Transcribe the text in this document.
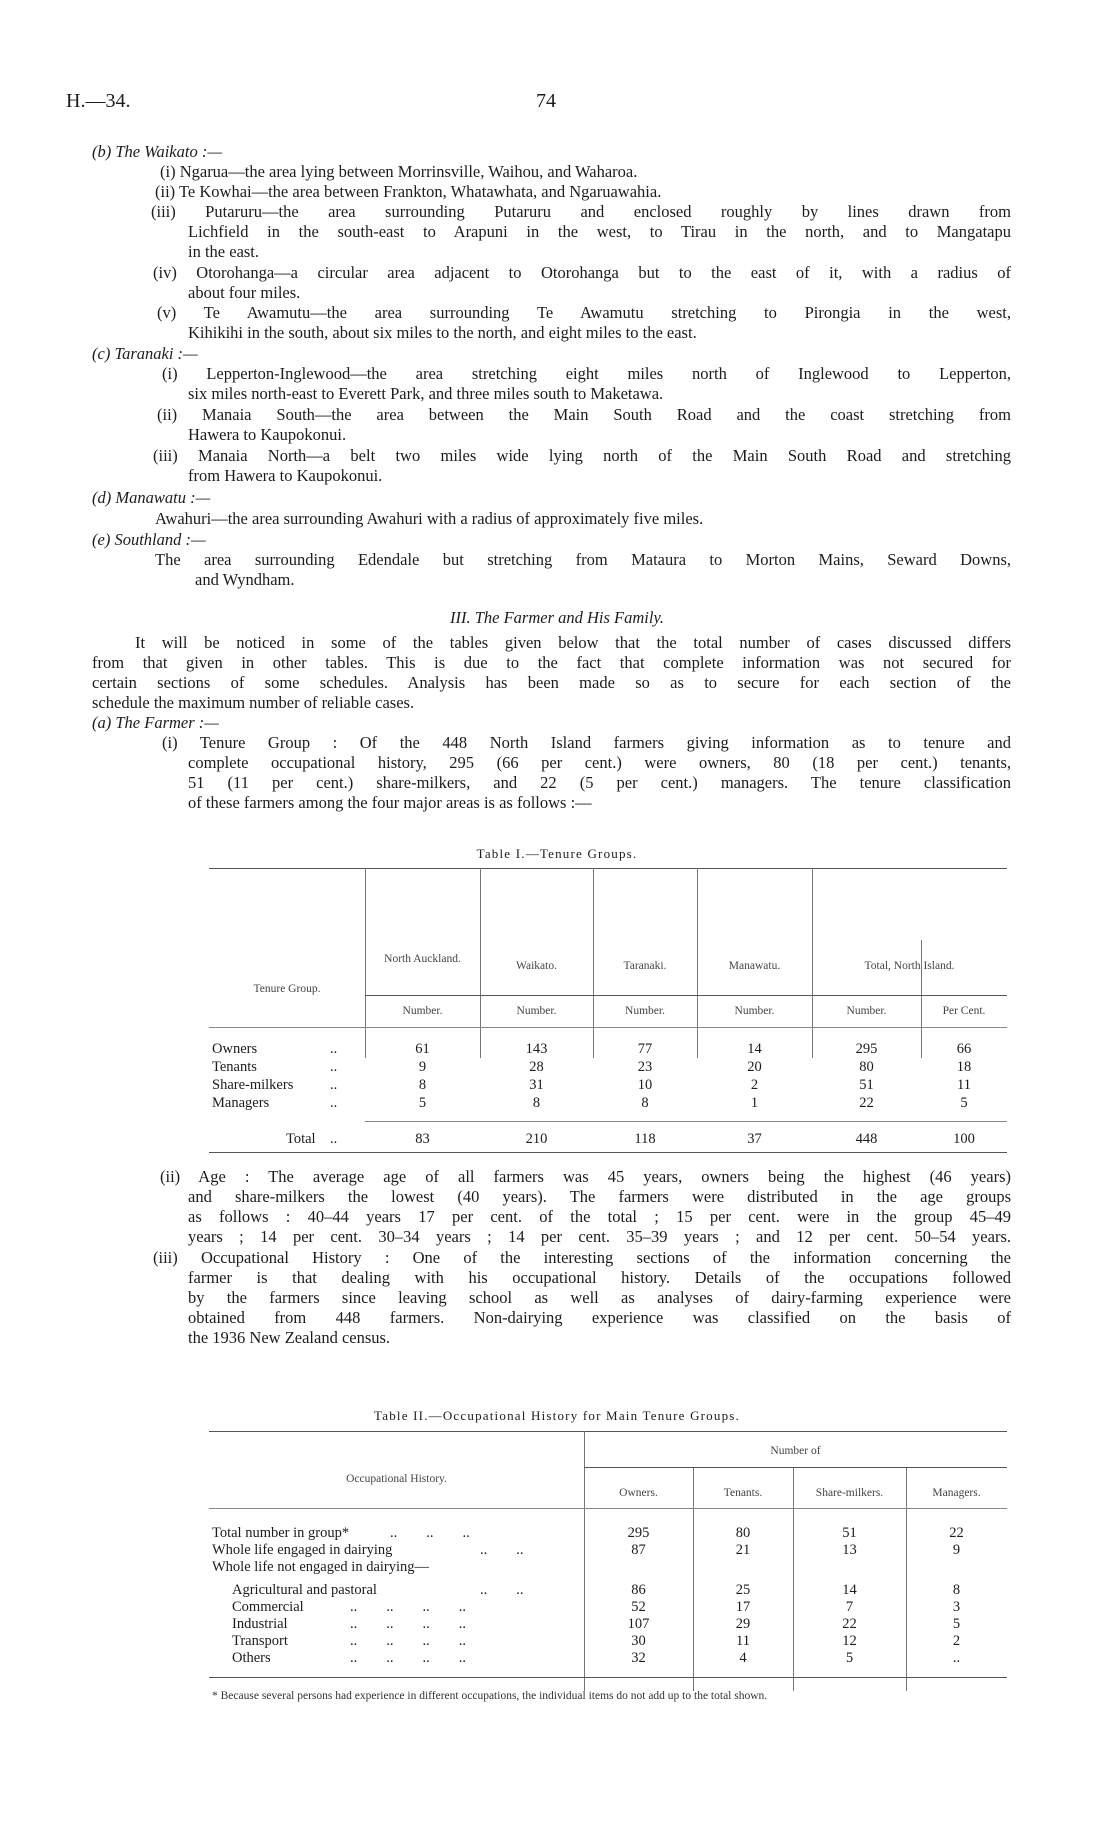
H.—34.	74
(b) The Waikato :—
(i) Ngarua—the area lying between Morrinsville, Waihou, and Waharoa.
(ii) Te Kowhai—the area between Frankton, Whatawhata, and Ngaruawahia.
(iii) Putaruru—the area surrounding Putaruru and enclosed roughly by lines drawn from
Lichfield in the south-east to Arapuni in the west, to Tirau in the north, and to Mangatapu
in the east.
(iv) Otorohanga—a circular area adjacent to Otorohanga but to the east of it, with a radius of
about four miles.
(v) Te Awamutu—the area surrounding Te Awamutu stretching to Pirongia in the west,
Kihikihi in the south, about six miles to the north, and eight miles to the east.
(c) Taranaki :—
(i) Lepperton-Inglewood—the area stretching eight miles north of Inglewood to Lepperton,
six miles north-east to Everett Park, and three miles south to Maketawa.
(ii) Manaia South—the area between the Main South Road and the coast stretching from
Hawera to Kaupokonui.
(iii) Manaia North—a belt two miles wide lying north of the Main South Road and stretching
from Hawera to Kaupokonui.
(d) Manawatu :—
Awahuri—the area surrounding Awahuri with a radius of approximately five miles.
(e) Southland :—
The area surrounding Edendale but stretching from Mataura to Morton Mains, Seward Downs,
and Wyndham.
III. The Farmer and His Family.
It will be noticed in some of the tables given below that the total number of cases discussed differs
from that given in other tables. This is due to the fact that complete information was not secured for
certain sections of some schedules. Analysis has been made so as to secure for each section of the
schedule the maximum number of reliable cases.
(a) The Farmer :—
(i) Tenure Group : Of the 448 North Island farmers giving information as to tenure and
complete occupational history, 295 (66 per cent.) were owners, 80 (18 per cent.) tenants,
51 (11 per cent.) share-milkers, and 22 (5 per cent.) managers. The tenure classification
of these farmers among the four major areas is as follows :—
Table I.—Tenure Groups.
Tenure Group.
North Auckland.
Waikato.	Taranaki.	Manawatu.	Total, North Island.
Number.	Number.	Number.	Number.	Number.	Per Cent.
Owners	..	61	143	77	14	295	66
Tenants	..	9	28	23	20	80	18
Share-milkers	..	8	31	10	2	51	11
Managers	..	5	8	8	1	22	5
Total ..	83	210	118	37	448	100
(ii) Age : The average age of all farmers was 45 years, owners being the highest (46 years)
and share-milkers the lowest (40 years). The farmers were distributed in the age groups
as follows : 40–44 years 17 per cent. of the total ; 15 per cent. were in the group 45–49
years ; 14 per cent. 30–34 years ; 14 per cent. 35–39 years ; and 12 per cent. 50–54 years.
(iii) Occupational History : One of the interesting sections of the information concerning the
farmer is that dealing with his occupational history. Details of the occupations followed
by the farmers since leaving school as well as analyses of dairy-farming experience were
obtained from 448 farmers. Non-dairying experience was classified on the basis of
the 1936 New Zealand census.
Table II.—Occupational History for Main Tenure Groups.
Occupational History.
Number of
Owners.	Tenants.	Share-milkers.	Managers.
Total number in group*	..        ..        ..	295	80	51	22
Whole life engaged in dairying	..        ..	87	21	13	9
Whole life not engaged in dairying—
Agricultural and pastoral	..        ..	86	25	14	8
Commercial	..        ..        ..        ..	52	17	7	3
Industrial	..        ..        ..        ..	107	29	22	5
Transport	..        ..        ..        ..	30	11	12	2
Others	..        ..        ..        ..	32	4	5	..
* Because several persons had experience in different occupations, the individual items do not add up to the total shown.
